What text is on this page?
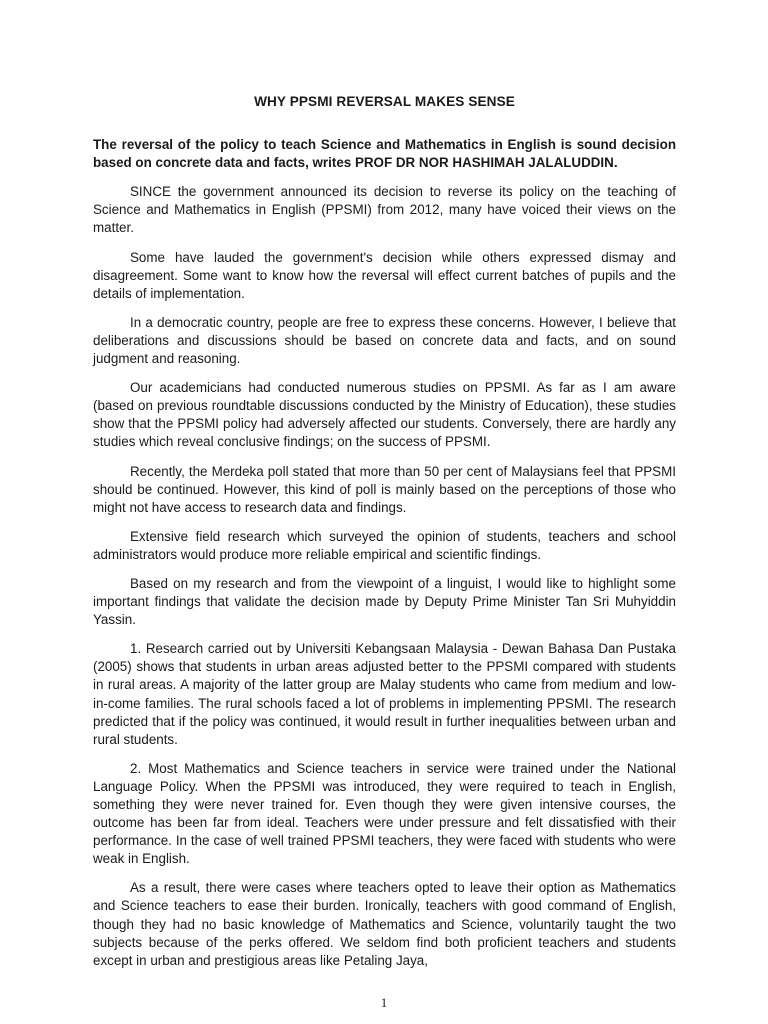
WHY PPSMI REVERSAL MAKES SENSE
The reversal of the policy to teach Science and Mathematics in English is sound decision based on concrete data and facts, writes PROF DR NOR HASHIMAH JALALUDDIN.

SINCE the government announced its decision to reverse its policy on the teaching of Science and Mathematics in English (PPSMI) from 2012, many have voiced their views on the matter.

Some have lauded the government's decision while others expressed dismay and disagreement. Some want to know how the reversal will effect current batches of pupils and the details of implementation.

In a democratic country, people are free to express these concerns. However, I believe that deliberations and discussions should be based on concrete data and facts, and on sound judgment and reasoning.

Our academicians had conducted numerous studies on PPSMI. As far as I am aware (based on previous roundtable discussions conducted by the Ministry of Education), these studies show that the PPSMI policy had adversely affected our students. Conversely, there are hardly any studies which reveal conclusive findings; on the success of PPSMI.

Recently, the Merdeka poll stated that more than 50 per cent of Malaysians feel that PPSMI should be continued. However, this kind of poll is mainly based on the perceptions of those who might not have access to research data and findings.

Extensive field research which surveyed the opinion of students, teachers and school administrators would produce more reliable empirical and scientific findings.

Based on my research and from the viewpoint of a linguist, I would like to highlight some important findings that validate the decision made by Deputy Prime Minister Tan Sri Muhyiddin Yassin.

1. Research carried out by Universiti Kebangsaan Malaysia - Dewan Bahasa Dan Pustaka (2005) shows that students in urban areas adjusted better to the PPSMI compared with students in rural areas. A majority of the latter group are Malay students who came from medium and low-in-come families. The rural schools faced a lot of problems in implementing PPSMI. The research predicted that if the policy was continued, it would result in further inequalities between urban and rural students.

2. Most Mathematics and Science teachers in service were trained under the National Language Policy. When the PPSMI was introduced, they were required to teach in English, something they were never trained for. Even though they were given intensive courses, the outcome has been far from ideal. Teachers were under pressure and felt dissatisfied with their performance. In the case of well trained PPSMI teachers, they were faced with students who were weak in English.

As a result, there were cases where teachers opted to leave their option as Mathematics and Science teachers to ease their burden. Ironically, teachers with good command of English, though they had no basic knowledge of Mathematics and Science, voluntarily taught the two subjects because of the perks offered. We seldom find both proficient teachers and students except in urban and prestigious areas like Petaling Jaya,

1
